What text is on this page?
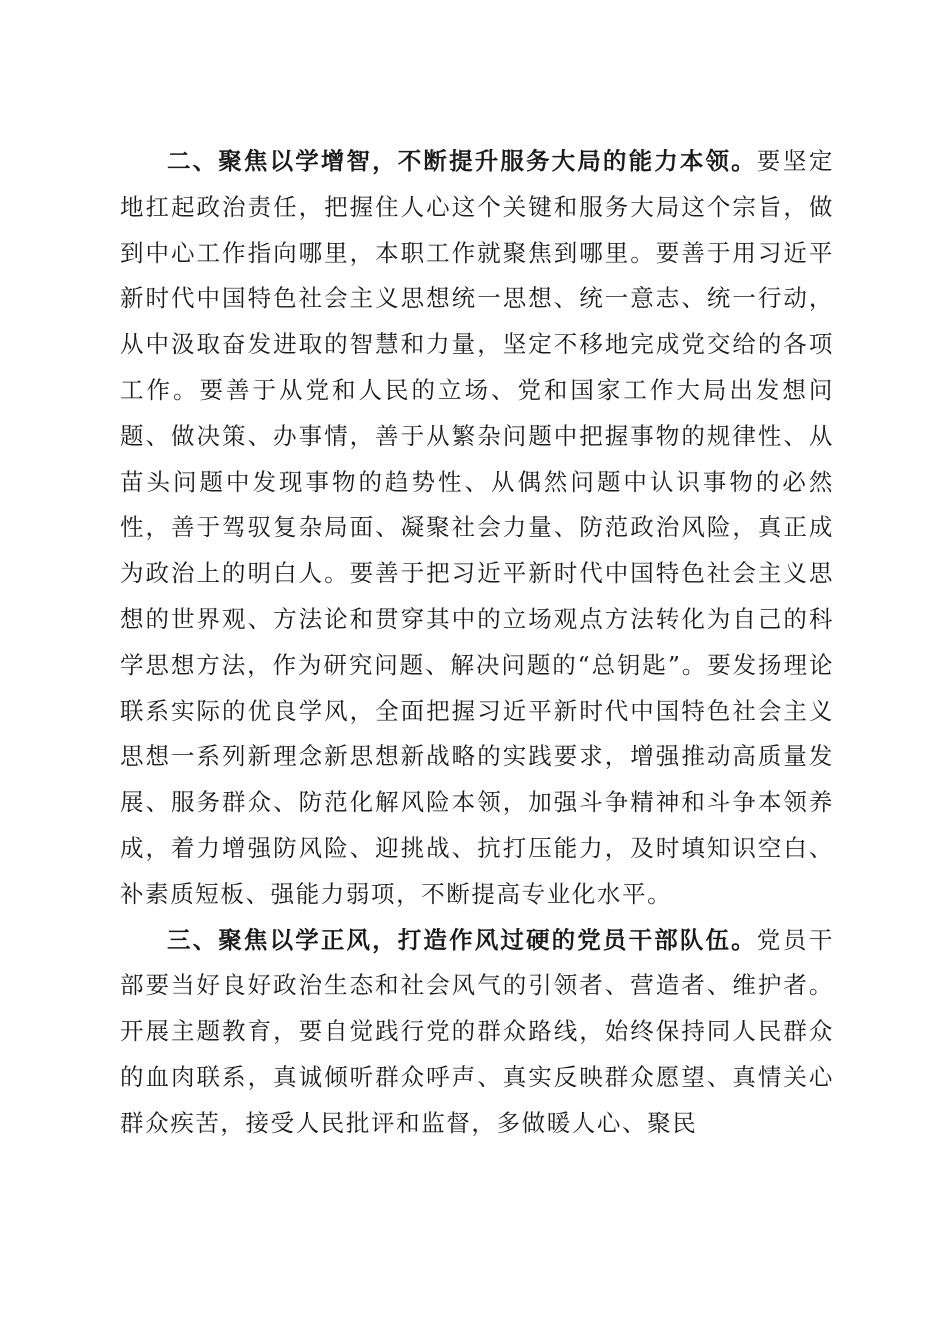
二、聚焦以学增智，不断提升服务大局的能力本领。要坚定地扛起政治责任，把握住人心这个关键和服务大局这个宗旨，做到中心工作指向哪里，本职工作就聚焦到哪里。要善于用习近平新时代中国特色社会主义思想统一思想、统一意志、统一行动，从中汲取奋发进取的智慧和力量，坚定不移地完成党交给的各项工作。要善于从党和人民的立场、党和国家工作大局出发想问题、做决策、办事情，善于从繁杂问题中把握事物的规律性、从苗头问题中发现事物的趋势性、从偶然问题中认识事物的必然性，善于驾驭复杂局面、凝聚社会力量、防范政治风险，真正成为政治上的明白人。要善于把习近平新时代中国特色社会主义思想的世界观、方法论和贯穿其中的立场观点方法转化为自己的科学思想方法，作为研究问题、解决问题的“总钥匙”。要发扬理论联系实际的优良学风，全面把握习近平新时代中国特色社会主义思想一系列新理念新思想新战略的实践要求，增强推动高质量发展、服务群众、防范化解风险本领，加强斗争精神和斗争本领养成，着力增强防风险、迎挑战、抗打压能力，及时填知识空白、补素质短板、强能力弱项，不断提高专业化水平。

三、聚焦以学正风，打造作风过硬的党员干部队伍。党员干部要当好良好政治生态和社会风气的引领者、营造者、维护者。开展主题教育，要自觉践行党的群众路线，始终保持同人民群众的血肉联系，真诚倾听群众呼声、真实反映群众愿望、真情关心群众疾苦，接受人民批评和监督，多做暖人心、聚民
